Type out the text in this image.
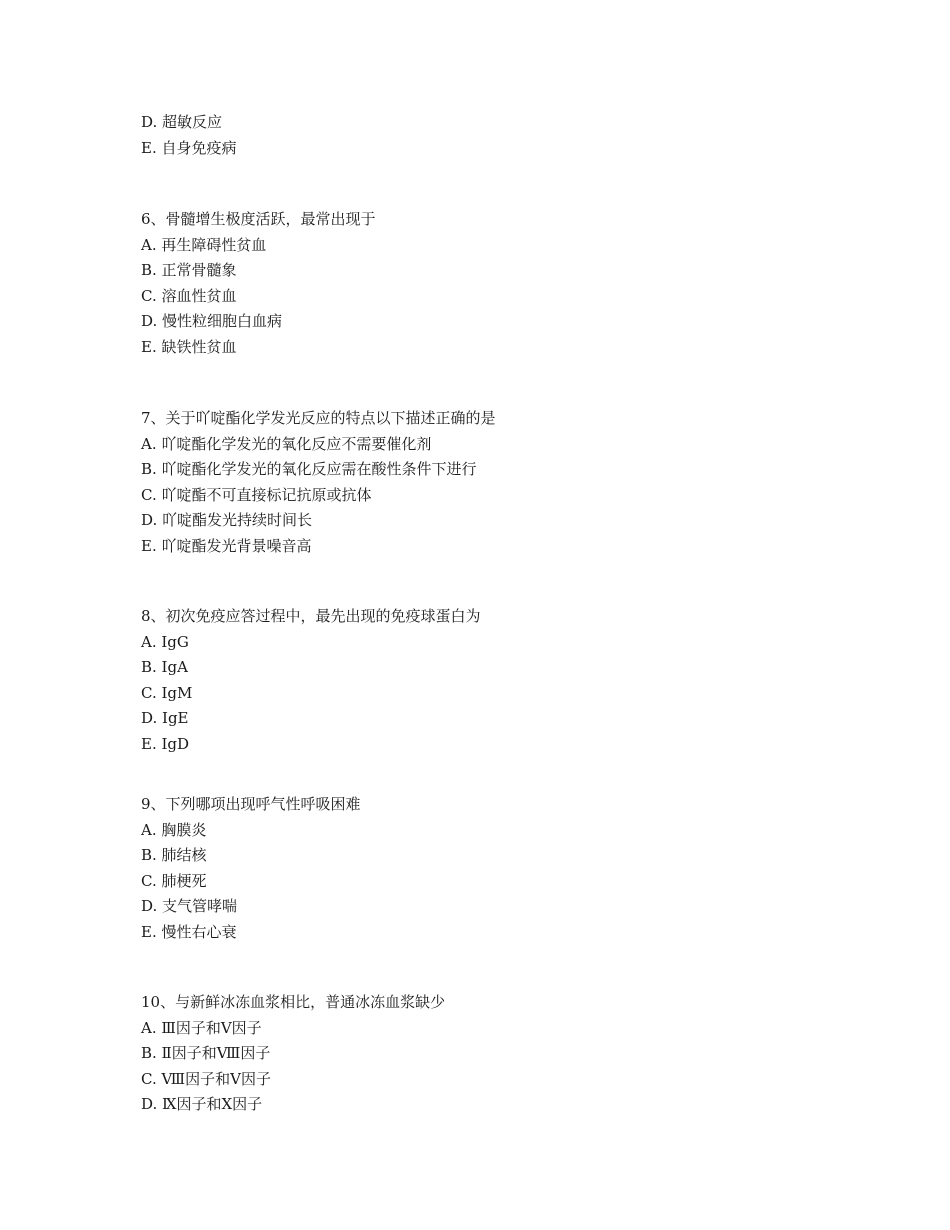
D. 超敏反应
E. 自身免疫病
6、骨髓增生极度活跃，最常出现于
A. 再生障碍性贫血
B. 正常骨髓象
C. 溶血性贫血
D. 慢性粒细胞白血病
E. 缺铁性贫血
7、关于吖啶酯化学发光反应的特点以下描述正确的是
A. 吖啶酯化学发光的氧化反应不需要催化剂
B. 吖啶酯化学发光的氧化反应需在酸性条件下进行
C. 吖啶酯不可直接标记抗原或抗体
D. 吖啶酯发光持续时间长
E. 吖啶酯发光背景噪音高
8、初次免疫应答过程中，最先出现的免疫球蛋白为
A. IgG
B. IgA
C. IgM
D. IgE
E. IgD
9、下列哪项出现呼气性呼吸困难
A. 胸膜炎
B. 肺结核
C. 肺梗死
D. 支气管哮喘
E. 慢性右心衰
10、与新鲜冰冻血浆相比，普通冰冻血浆缺少
A. Ⅲ因子和Ⅴ因子
B. Ⅱ因子和Ⅷ因子
C. Ⅷ因子和Ⅴ因子
D. Ⅸ因子和Ⅹ因子
